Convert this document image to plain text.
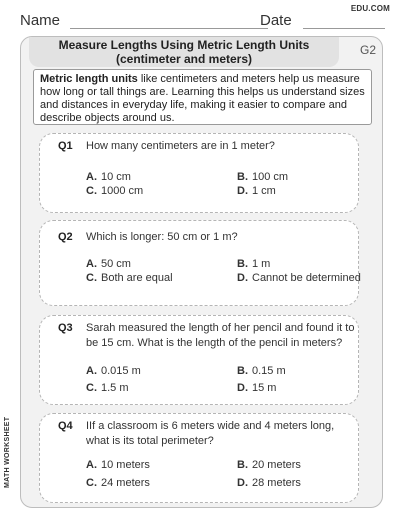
EDU.COM
Name	Date
Measure Lengths Using Metric Length Units
(centimeter and meters)
G2
Metric length units like centimeters and meters help us measure how long or tall things are. Learning this helps us understand sizes and distances in everyday life, making it easier to compare and describe objects around us.
Q1 How many centimeters are in 1 meter?
A. 10 cm	B. 100 cm
C. 1000 cm	D. 1 cm
Q2 Which is longer: 50 cm or 1 m?
A. 50 cm	B. 1 m
C. Both are equal	D. Cannot be determined
Q3 Sarah measured the length of her pencil and found it to be 15 cm. What is the length of the pencil in meters?
A. 0.015 m	B. 0.15 m
C. 1.5 m	D. 15 m
Q4 IIf a classroom is 6 meters wide and 4 meters long, what is its total perimeter?
A. 10 meters	B. 20 meters
C. 24 meters	D. 28 meters
MATH WORKSHEET
